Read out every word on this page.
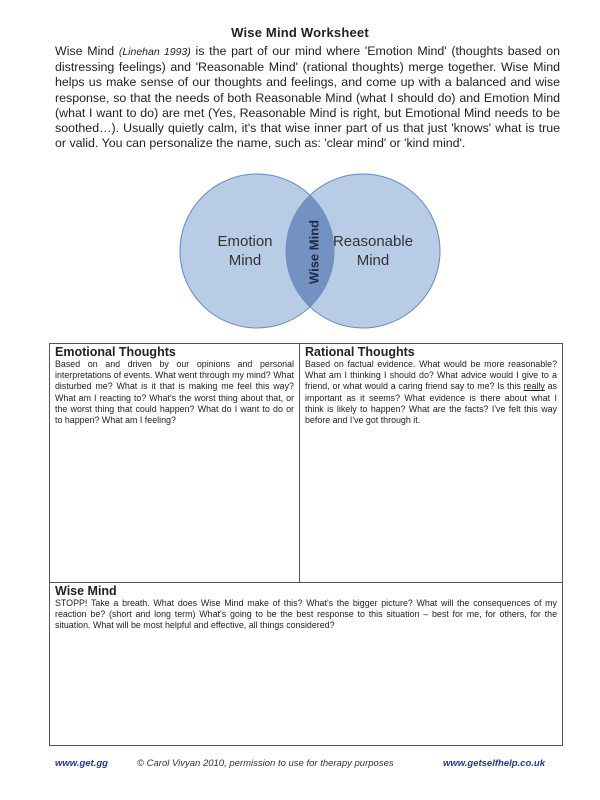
Wise Mind Worksheet
Wise Mind (Linehan 1993) is the part of our mind where 'Emotion Mind' (thoughts based on distressing feelings) and 'Reasonable Mind' (rational thoughts) merge together. Wise Mind helps us make sense of our thoughts and feelings, and come up with a balanced and wise response, so that the needs of both Reasonable Mind (what I should do) and Emotion Mind (what I want to do) are met (Yes, Reasonable Mind is right, but Emotional Mind needs to be soothed…). Usually quietly calm, it's that wise inner part of us that just 'knows' what is true or valid. You can personalize the name, such as: 'clear mind' or 'kind mind'.
Emotion
Mind
Reasonable
Mind
Wise Mind
Emotional Thoughts

Based on and driven by our opinions and personal interpretations of events. What went through my mind? What disturbed me? What is it that is making me feel this way? What am I reacting to? What's the worst thing about that, or the worst thing that could happen? What do I want to do or to happen? What am I feeling?

Rational Thoughts

Based on factual evidence. What would be more reasonable? What am I thinking I should do? What advice would I give to a friend, or what would a caring friend say to me? Is this really as important as it seems? What evidence is there about what I think is likely to happen? What are the facts? I've felt this way before and I've got through it.

Wise Mind

STOPP! Take a breath. What does Wise Mind make of this? What's the bigger picture? What will the consequences of my reaction be? (short and long term) What's going to be the best response to this situation – best for me, for others, for the situation. What will be most helpful and effective, all things considered?

www.get.gg	© Carol Vivyan 2010, permission to use for therapy purposes	www.getselfhelp.co.uk
